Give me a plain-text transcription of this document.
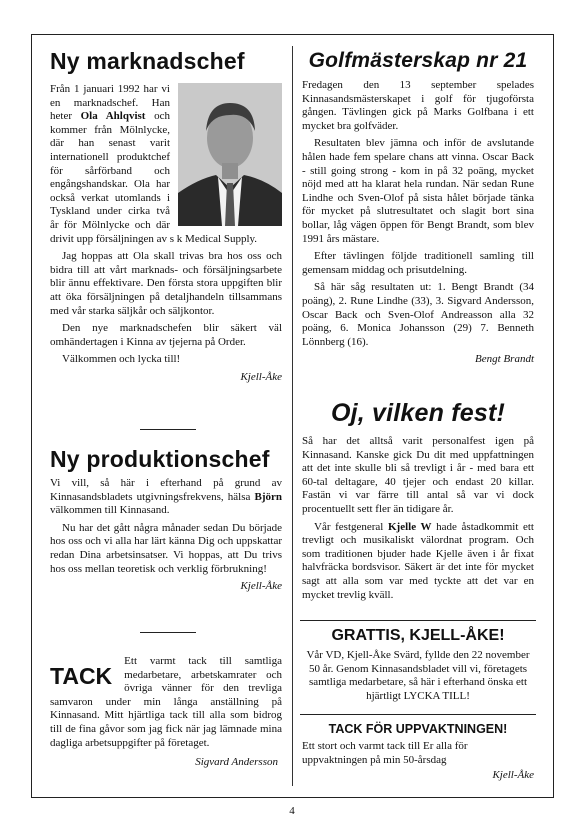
Ny marknadschef

Från 1 januari 1992 har vi en marknadschef. Han heter Ola Ahlqvist och kommer från Mölnlycke, där han senast varit internationell produktchef för sårförband och engångshandskar. Ola har också verkat utomlands i Tyskland under cirka två år för Mölnlycke och där drivit upp försäljningen av s k Medical Supply.

Jag hoppas att Ola skall trivas bra hos oss och bidra till att vårt marknads- och försäljningsarbete blir ännu effektivare. Den första stora uppgiften blir att öka försäljningen på detaljhandeln tillsammans med vår starka säljkår och säljkontor.

Den nye marknadschefen blir säkert väl omhändertagen i Kinna av tjejerna på Order.

Välkommen och lycka till!

Kjell-Åke
Ny produktionschef

Vi vill, så här i efterhand på grund av Kinnasandsbladets utgivningsfrekvens, hälsa Björn välkommen till Kinnasand.

Nu har det gått några månader sedan Du började hos oss och vi alla har lärt känna Dig och uppskattar redan Dina arbetsinsatser. Vi hoppas, att Du trivs hos oss mellan teoretisk och verklig förbrukning!

Kjell-Åke
TACK
Ett varmt tack till samtliga medarbetare, arbetskamrater och övriga vänner för den trevliga samvaron under min långa anställning på Kinnasand. Mitt hjärtliga tack till alla som bidrog till de fina gåvor som jag fick när jag lämnade mina dagliga arbetsuppgifter på företaget.
Sigvard Andersson
Golfmästerskap nr 21

Fredagen den 13 september spelades Kinnasandsmästerskapet i golf för tjugoförsta gången. Tävlingen gick på Marks Golfbana i ett mycket bra golfväder.

Resultaten blev jämna och inför de avslutande hålen hade fem spelare chans att vinna. Oscar Back - still going strong - kom in på 32 poäng, mycket nöjd med att ha klarat hela rundan. När sedan Rune Lindhe och Sven-Olof på sista hålet började tänka för mycket på slutresultatet och slagit bort sina bollar, låg vägen öppen för Bengt Brandt, som blev 1991 års mästare.

Efter tävlingen följde traditionell samling till gemensam middag och prisutdelning.

Så här såg resultaten ut: 1. Bengt Brandt (34 poäng), 2. Rune Lindhe (33), 3. Sigvard Andersson, Oscar Back och Sven-Olof Andreasson alla 32 poäng, 6. Monica Johansson (29) 7. Benneth Lönnberg (16).

Bengt Brandt
Oj, vilken fest!

Så har det alltså varit personalfest igen på Kinnasand. Kanske gick Du dit med uppfattningen att det inte skulle bli så trevligt i år - med bara ett 60-tal deltagare, 40 tjejer och endast 20 killar. Fastän vi var färre till antal så var vi dock procentuellt sett fler än tidigare år.

Vår festgeneral Kjelle W hade åstadkommit ett trevligt och musikaliskt välordnat program. Och som traditionen bjuder hade Kjelle även i år fixat halvfräcka bordsvisor. Säkert är det inte för mycket sagt att alla som var med tyckte att det var en mycket trevlig kväll.

GRATTIS, KJELL-ÅKE!
Vår VD, Kjell-Åke Svärd, fyllde den 22 november 50 år. Genom Kinnasandsbladet vill vi, företagets samtliga medarbetare, så här i efterhand önska ett hjärtligt LYCKA TILL!
TACK FÖR UPPVAKTNINGEN!
Ett stort och varmt tack till Er alla för uppvaktningen på min 50-årsdag
Kjell-Åke
4
